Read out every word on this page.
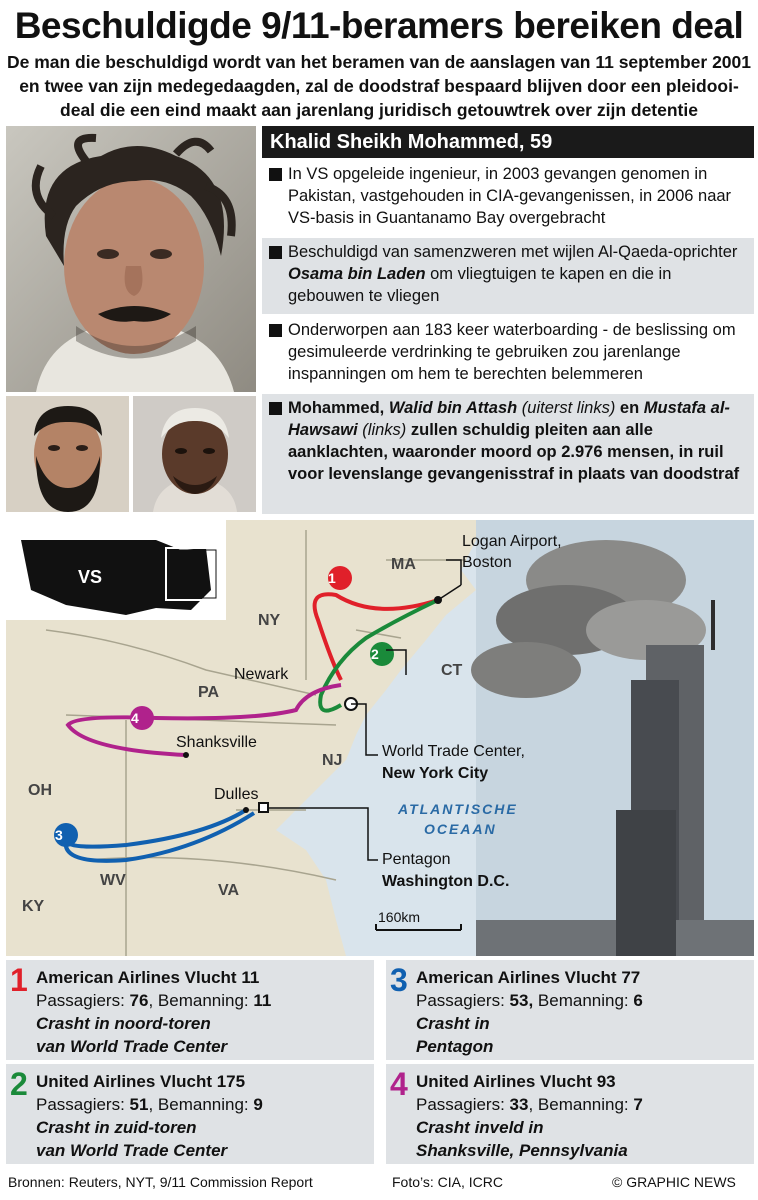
Beschuldigde 9/11-beramers bereiken deal
De man die beschuldigd wordt van het beramen van de aanslagen van 11 september 2001 en twee van zijn medegedaagden, zal de doodstraf bespaard blijven door een pleidooi-deal die een eind maakt aan jarenlang juridisch getouwtrek over zijn detentie
Khalid Sheikh Mohammed, 59
In VS opgeleide ingenieur, in 2003 gevangen genomen in Pakistan, vastgehouden in CIA-gevangenissen, in 2006 naar VS-basis in Guantanamo Bay overgebracht
Beschuldigd van samenzweren met wijlen Al-Qaeda-oprichter Osama bin Laden om vliegtuigen te kapen en die in gebouwen te vliegen
Onderworpen aan 183 keer waterboarding - de beslissing om gesimuleerde verdrinking te gebruiken zou jarenlange inspanningen om hem te berechten belemmeren
Mohammed, Walid bin Attash (uiterst links) en Mustafa al-Hawsawi (links) zullen schuldig pleiten aan alle aanklachten, waaronder moord op 2.976 mensen, in ruil voor levenslange gevangenisstraf in plaats van doodstraf
VS	1
2
3
4
NY
MA
CT
PA
NJ
OH
WV
VA
KY
Logan Airport,
Boston
Newark
Shanksville
Dulles
World Trade Center,
New York City
Pentagon
Washington D.C.
ATLANTISCHE
OCEAAN
160km
1 American Airlines Vlucht 11
Passagiers: 76, Bemanning: 11
Crasht in noord-toren
van World Trade Center
2 United Airlines Vlucht 175
Passagiers: 51, Bemanning: 9
Crasht in zuid-toren
van World Trade Center
3 American Airlines Vlucht 77
Passagiers: 53, Bemanning: 6
Crasht in
Pentagon
4 United Airlines Vlucht 93
Passagiers: 33, Bemanning: 7
Crasht inveld in
Shanksville, Pennsylvania
Bronnen: Reuters, NYT, 9/11 Commission Report	Foto’s: CIA, ICRC	© GRAPHIC NEWS
